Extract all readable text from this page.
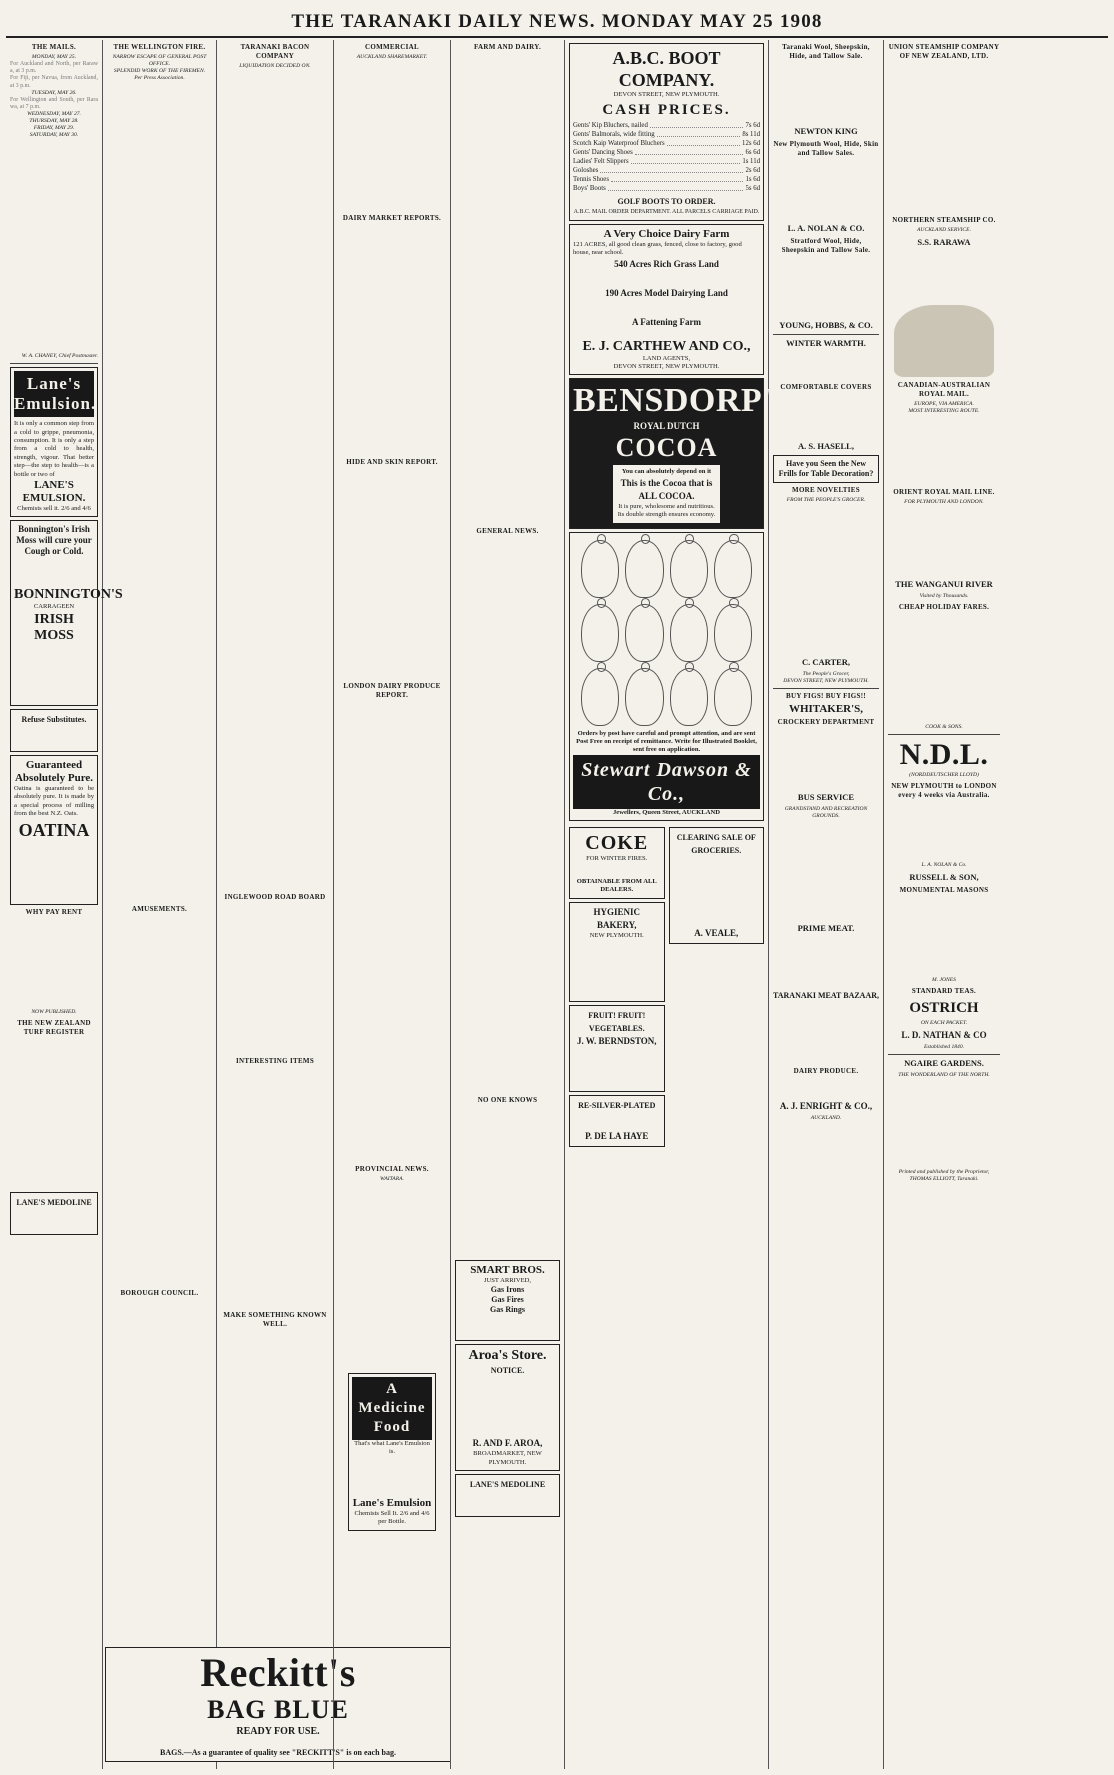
THE TARANAKI DAILY NEWS. MONDAY MAY 25 1908
THE MAILS.
MONDAY, MAY 25.
For Auckland and North, per Rarawa, at 3 p.m.
For Fiji, per Navua, from Auckland, at 3 p.m.
TUESDAY, MAY 26.
For Wellington and South, per Rarawa, at 7 p.m.
WEDNESDAY, MAY 27.
THURSDAY, MAY 28.
FRIDAY, MAY 29.
SATURDAY, MAY 30.
W. A. CHANEY, Chief Postmaster.
Lane's Emulsion.
It is only a common step from a cold to grippe, pneumonia, consumption. It is only a step from a cold to health, strength, vigour. That better step—the step to health—is a bottle or two of
LANE'S EMULSION.
Chemists sell it. 2/6 and 4/6
Bonnington's Irish Moss will cure your Cough or Cold.
BONNINGTON'S
CARRAGEEN
IRISH MOSS
Refuse Substitutes.
Guaranteed Absolutely Pure.
Oatina is guaranteed to be absolutely pure. It is made by a special process of milling from the best N.Z. Oats.
OATINA
WHY PAY RENT
NOW PUBLISHED.
THE NEW ZEALAND TURF REGISTER
LANE'S MEDOLINE
THE WELLINGTON FIRE.
NARROW ESCAPE OF GENERAL POST OFFICE.
SPLENDID WORK OF THE FIREMEN.
Per Press Association.
AMUSEMENTS.
BOROUGH COUNCIL.
Reckitt's
BAG BLUE
READY FOR USE.
BAGS.—As a guarantee of quality see "RECKITT'S" is on each bag.
TARANAKI BACON COMPANY
LIQUIDATION DECIDED ON.
INGLEWOOD ROAD BOARD
INTERESTING ITEMS
MAKE SOMETHING KNOWN WELL.
COMMERCIAL
AUCKLAND SHAREMARKET.
DAIRY MARKET REPORTS.
HIDE AND SKIN REPORT.
LONDON DAIRY PRODUCE REPORT.
PROVINCIAL NEWS.
WAITARA.
A Medicine Food
That's what Lane's Emulsion is.
Lane's Emulsion
Chemists Sell It. 2/6 and 4/6 per Bottle.
FARM AND DAIRY.
GENERAL NEWS.
NO ONE KNOWS
SMART BROS.
JUST ARRIVED,
Gas Irons
Gas Fires
Gas Rings
Aroa's Store.
NOTICE.
R. AND F. AROA,
BROADMARKET, NEW PLYMOUTH.
LANE'S MEDOLINE
A.B.C. BOOT COMPANY.
DEVON STREET, NEW PLYMOUTH.
CASH PRICES.
Gents' Kip Bluchers, nailed	7s 6d
Gents' Balmorals, wide fitting	8s 11d
Scotch Kaip Waterproof Bluchers	12s 6d
Gents' Dancing Shoes	6s 6d
Ladies' Felt Slippers	1s 11d
Goloshes	2s 6d
Tennis Shoes	1s 6d
Boys' Boots	5s 6d
GOLF BOOTS TO ORDER.
A.B.C. MAIL ORDER DEPARTMENT. ALL PARCELS CARRIAGE PAID.
A Very Choice Dairy Farm
121 ACRES, all good clean grass, fenced, close to factory, good house, near school.
540 Acres Rich Grass Land
190 Acres Model Dairying Land
A Fattening Farm
E. J. CARTHEW AND CO.,
LAND AGENTS,
DEVON STREET, NEW PLYMOUTH.
BENSDORP'S
ROYAL DUTCH
COCOA
You can absolutely depend on it
This is the Cocoa that is ALL COCOA.
It is pure, wholesome and nutritious. Its double strength ensures economy.
Orders by post have careful and prompt attention, and are sent Post Free on receipt of remittance. Write for Illustrated Booklet, sent free on application.
Stewart Dawson & Co.,
Jewellers, Queen Street, AUCKLAND
COKE
FOR WINTER FIRES.
OBTAINABLE FROM ALL DEALERS.
HYGIENIC BAKERY,
NEW PLYMOUTH.
FRUIT! FRUIT! VEGETABLES.
J. W. BERNDSTON,
RE-SILVER-PLATED
P. DE LA HAYE
CLEARING SALE OF GROCERIES.
A. VEALE,
Taranaki Wool, Sheepskin, Hide, and Tallow Sale.
NEWTON KING
New Plymouth Wool, Hide, Skin and Tallow Sales.
L. A. NOLAN & CO.
Stratford Wool, Hide, Sheepskin and Tallow Sale.
YOUNG, HOBBS, & CO.
WINTER WARMTH.
COMFORTABLE COVERS
A. S. HASELL,
Have you Seen the New Frills for Table Decoration?
MORE NOVELTIES
FROM THE PEOPLE'S GROCER.
C. CARTER,
The People's Grocer,
DEVON STREET, NEW PLYMOUTH.
BUY FIGS! BUY FIGS!!
WHITAKER'S,
CROCKERY DEPARTMENT
BUS SERVICE
GRANDSTAND AND RECREATION GROUNDS.
PRIME MEAT.
TARANAKI MEAT BAZAAR,
DAIRY PRODUCE.
A. J. ENRIGHT & CO.,
AUCKLAND.
UNION STEAMSHIP COMPANY OF NEW ZEALAND, LTD.
NORTHERN STEAMSHIP CO.
AUCKLAND SERVICE.
S.S. RARAWA
CANADIAN-AUSTRALIAN ROYAL MAIL.
EUROPE, VIA AMERICA.
MOST INTERESTING ROUTE.
ORIENT ROYAL MAIL LINE.
FOR PLYMOUTH AND LONDON.
THE WANGANUI RIVER
Visited by Thousands.
CHEAP HOLIDAY FARES.
COOK & SONS.
N.D.L.
(NORDDEUTSCHER LLOYD)
NEW PLYMOUTH to LONDON every 4 weeks via Australia.
L. A. NOLAN & Co.
RUSSELL & SON,
MONUMENTAL MASONS
M. JONES
STANDARD TEAS.
OSTRICH
ON EACH PACKET.
L. D. NATHAN & CO
Established 1840.
NGAIRE GARDENS.
THE WONDERLAND OF THE NORTH.
Printed and published by the Proprietor, THOMAS ELLIOTT, Taranaki.
